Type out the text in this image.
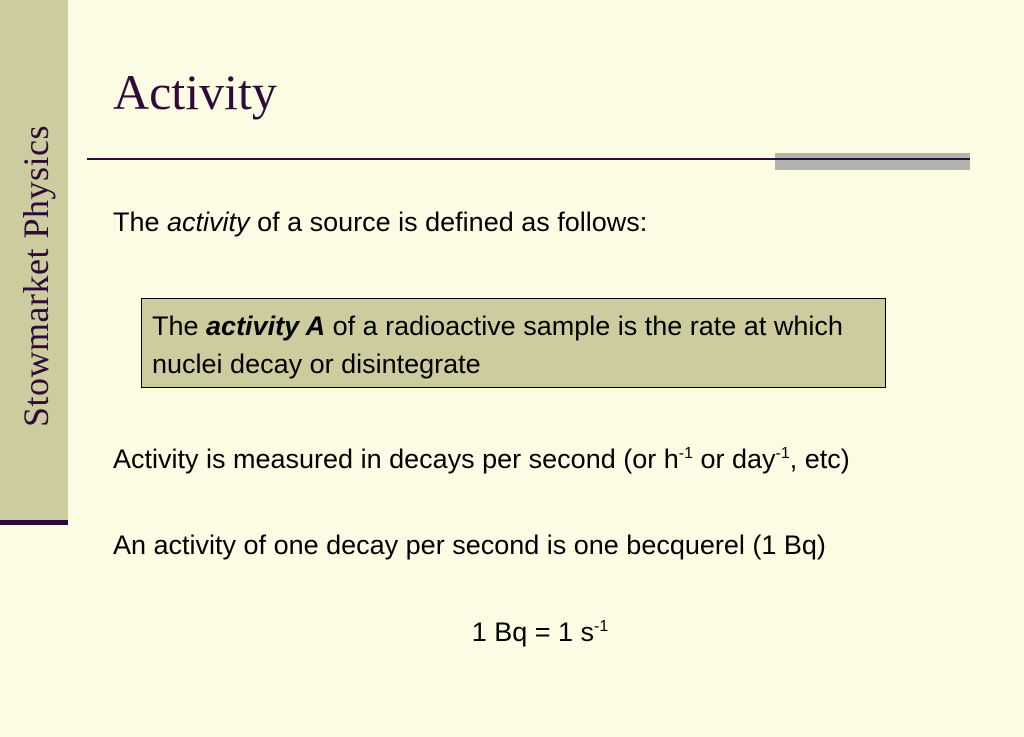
Stowmarket Physics
Activity

The activity of a source is defined as follows:

The activity A of a radioactive sample is the rate at which nuclei decay or disintegrate

Activity is measured in decays per second (or $h^{-1}$ or day$^{-1}$, etc)

An activity of one decay per second is one becquerel (1 Bq)

1 Bq = 1 $s^{-1}$
